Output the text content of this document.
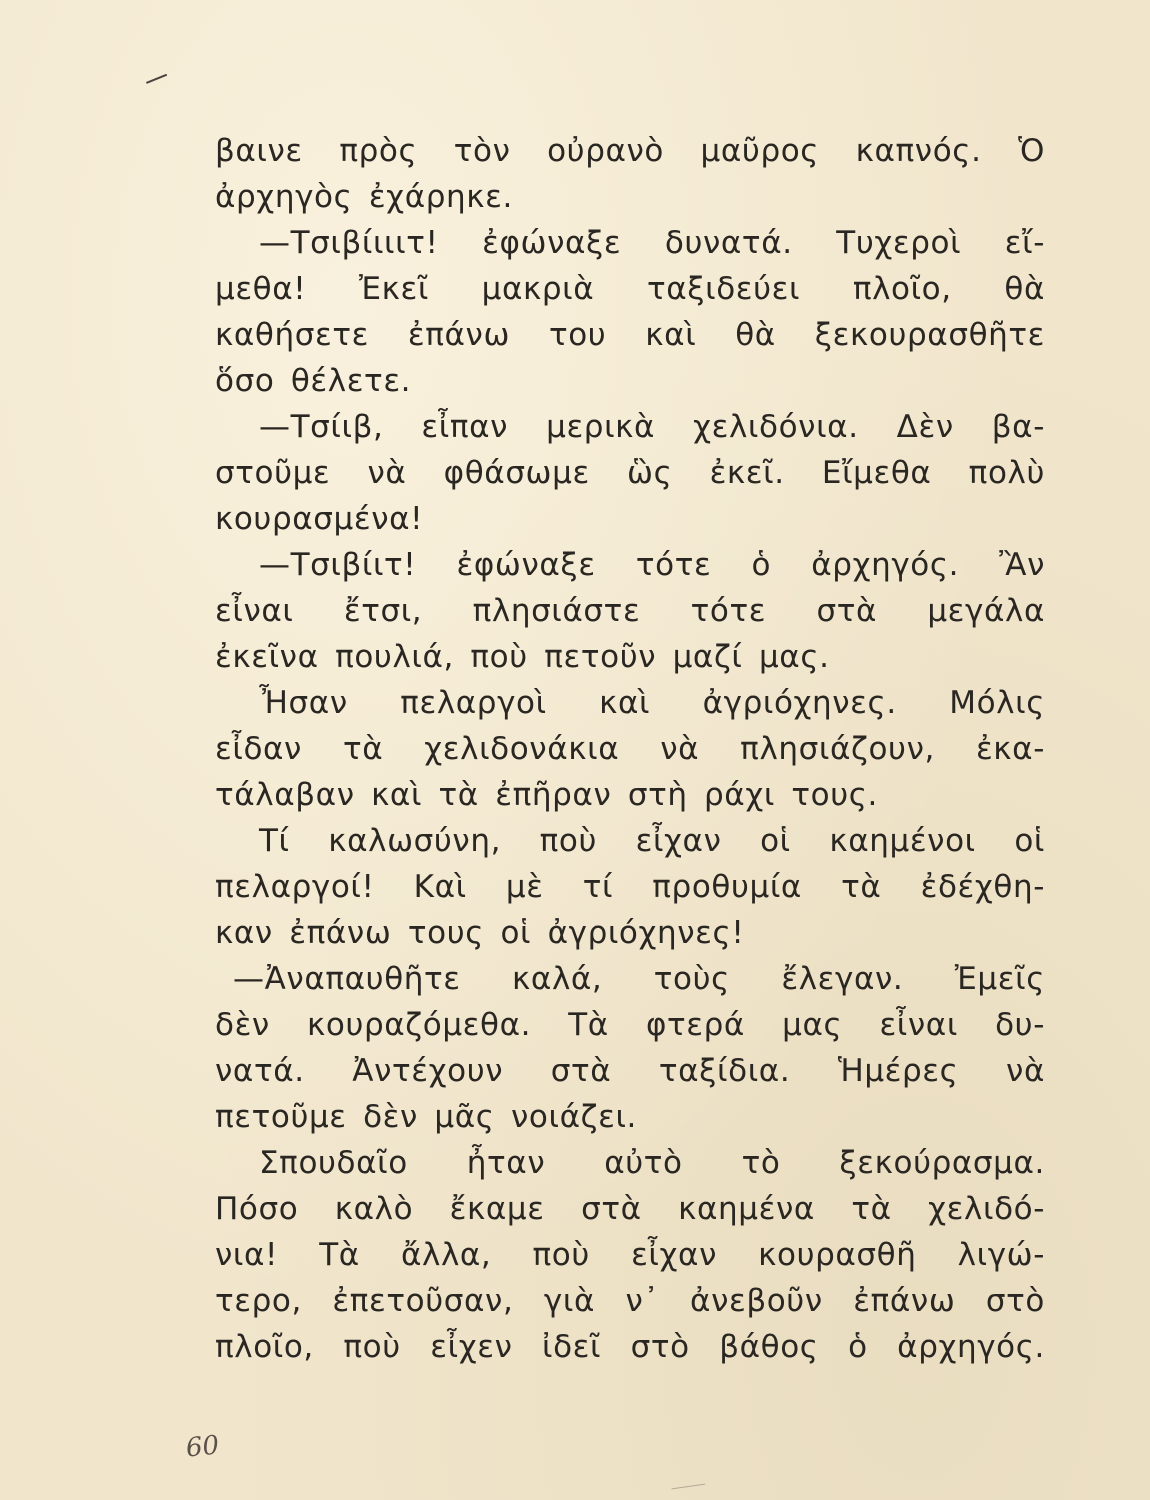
βαινε πρὸς τὸν οὐρανὸ μαῦρος καπνός. Ὁ
ἀρχηγὸς ἐχάρηκε.
—Τσιβίιιιτ! ἐφώναξε δυνατά. Τυχεροὶ εἴ-
μεθα! Ἐκεῖ μακριὰ ταξιδεύει πλοῖο, θὰ
καθήσετε ἐπάνω του καὶ θὰ ξεκουρασθῆτε
ὅσο θέλετε.
—Τσίιβ, εἶπαν μερικὰ χελιδόνια. Δὲν βα-
στοῦμε νὰ φθάσωμε ὣς ἐκεῖ. Εἴμεθα πολὺ
κουρασμένα!
—Τσιβίιτ! ἐφώναξε τότε ὁ ἀρχηγός. Ἂν
εἶναι ἔτσι, πλησιάστε τότε στὰ μεγάλα
ἐκεῖνα πουλιά, ποὺ πετοῦν μαζί μας.
Ἦσαν πελαργοὶ καὶ ἀγριόχηνες. Μόλις
εἶδαν τὰ χελιδονάκια νὰ πλησιάζουν, ἐκα-
τάλαβαν καὶ τὰ ἐπῆραν στὴ ράχι τους.
Τί καλωσύνη, ποὺ εἶχαν οἱ καημένοι οἱ
πελαργοί! Καὶ μὲ τί προθυμία τὰ ἐδέχθη-
καν ἐπάνω τους οἱ ἀγριόχηνες!
—Ἀναπαυθῆτε καλά, τοὺς ἔλεγαν. Ἐμεῖς
δὲν κουραζόμεθα. Τὰ φτερά μας εἶναι δυ-
νατά. Ἀντέχουν στὰ ταξίδια. Ἡμέρες νὰ
πετοῦμε δὲν μᾶς νοιάζει.
Σπουδαῖο ἦταν αὐτὸ τὸ ξεκούρασμα.
Πόσο καλὸ ἔκαμε στὰ καημένα τὰ χελιδό-
νια! Τὰ ἄλλα, ποὺ εἶχαν κουρασθῆ λιγώ-
τερο, ἐπετοῦσαν, γιὰ ν᾽ ἀνεβοῦν ἐπάνω στὸ
πλοῖο, ποὺ εἶχεν ἰδεῖ στὸ βάθος ὁ ἀρχηγός.
60
